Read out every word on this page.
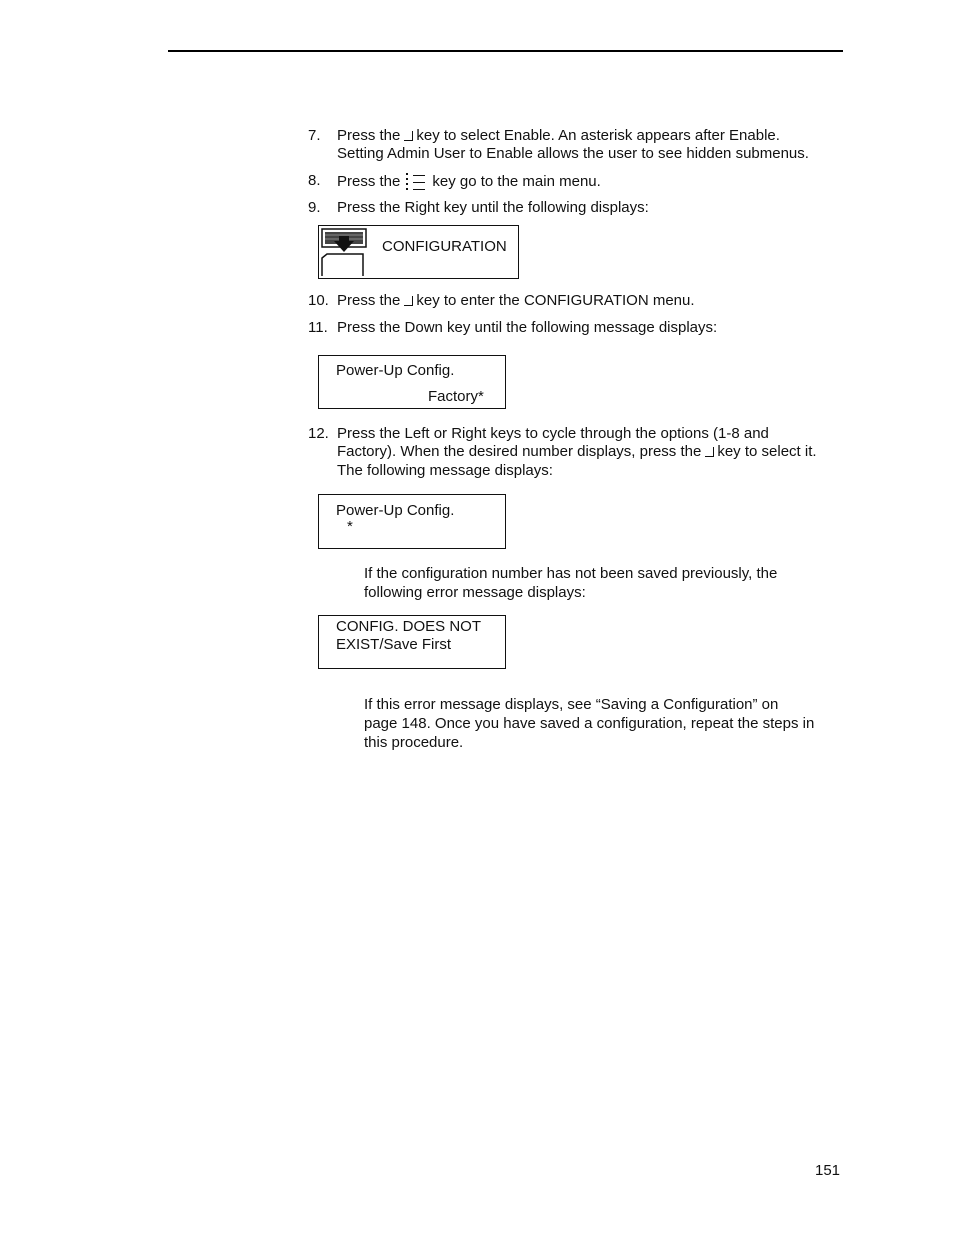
7. Press the key to select Enable. An asterisk appears after Enable.
Setting Admin User to Enable allows the user to see hidden submenus.
8. Press the key go to the main menu.
9. Press the Right key until the following displays:
CONFIGURATION
10. Press the key to enter the CONFIGURATION menu.
11. Press the Down key until the following message displays:
Power-Up Config.
Factory*
12. Press the Left or Right keys to cycle through the options (1-8 and
Factory). When the desired number displays, press the key to select it.
The following message displays:
Power-Up Config.
*
If the configuration number has not been saved previously, the
following error message displays:
CONFIG. DOES NOT
EXIST/Save First
If this error message displays, see “Saving a Configuration” on
page 148. Once you have saved a configuration, repeat the steps in
this procedure.
151
